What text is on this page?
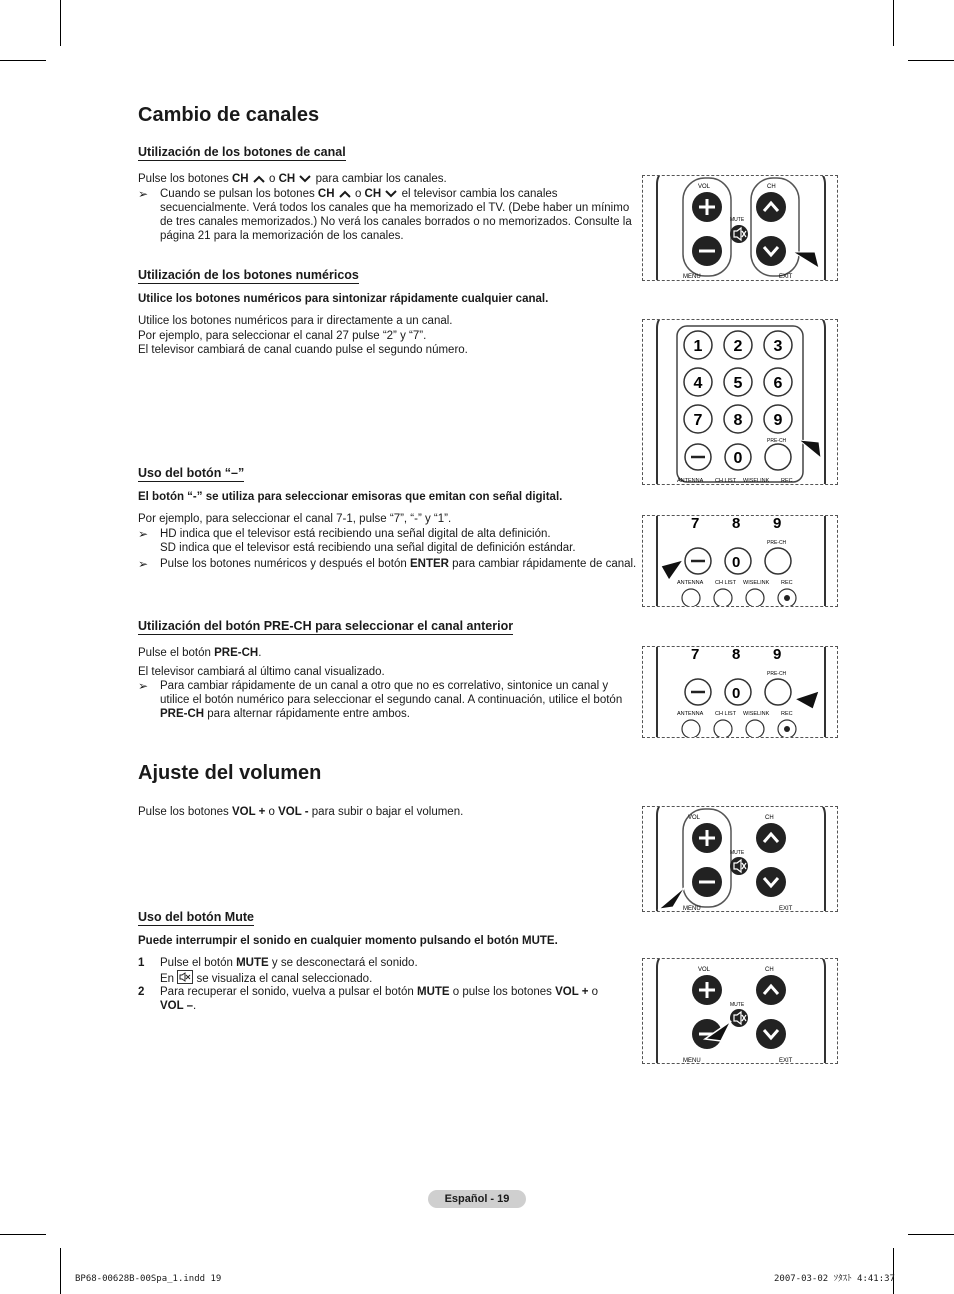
Cambio de canales
Utilización de los botones de canal
Pulse los botones CH  o CH  para cambiar los canales.
➢ Cuando se pulsan los botones CH  o CH  el televisor cambia los canales secuencialmente. Verá todos los canales que ha memorizado el TV. (Debe haber un mínimo de tres canales memorizados.) No verá los canales borrados o no memorizados. Consulte la página 21 para la memorización de los canales.
VOL	CH
MUTE
MENU	EXIT
Utilización de los botones numéricos
Utilice los botones numéricos para sintonizar rápidamente cualquier canal.
Utilice los botones numéricos para ir directamente a un canal.
Por ejemplo, para seleccionar el canal 27 pulse “2” y “7”.
El televisor cambiará de canal cuando pulse el segundo número.	1 2 3
4 5 6
7 8 9
0
PRE-CH
ANTENNA CH LIST WISELINK REC
Uso del botón “–”
El botón “-” se utiliza para seleccionar emisoras que emitan con señal digital.
Por ejemplo, para seleccionar el canal 7-1, pulse “7”, “-” y “1”.
➢ HD indica que el televisor está recibiendo una señal digital de alta definición.
SD indica que el televisor está recibiendo una señal digital de definición estándar.
➢ Pulse los botones numéricos y después el botón ENTER para cambiar rápidamente de canal.
7 8 9
0
PRE-CH
ANTENNA CH LIST WISELINK REC
Utilización del botón PRE-CH para seleccionar el canal anterior
Pulse el botón PRE-CH.
El televisor cambiará al último canal visualizado.
➢ Para cambiar rápidamente de un canal a otro que no es correlativo, sintonice un canal y utilice el botón numérico para seleccionar el segundo canal. A continuación, utilice el botón PRE-CH para alternar rápidamente entre ambos.
7 8 9
0
PRE-CH
ANTENNA CH LIST WISELINK REC
Ajuste del volumen
Pulse los botones VOL + o VOL - para subir o bajar el volumen.	VOL	CH
MUTE
MENU	EXIT
Uso del botón Mute
Puede interrumpir el sonido en cualquier momento pulsando el botón MUTE.
1 Pulse el botón MUTE y se desconectará el sonido.
En  se visualiza el canal seleccionado.
2 Para recuperar el sonido, vuelva a pulsar el botón MUTE o pulse los botones VOL + o
VOL –.
VOL	CH
MUTE
MENU	EXIT
Español - 19
BP68-00628B-00Spa_1.indd 19	2007-03-02 ｿﾀｽﾄ 4:41:37
